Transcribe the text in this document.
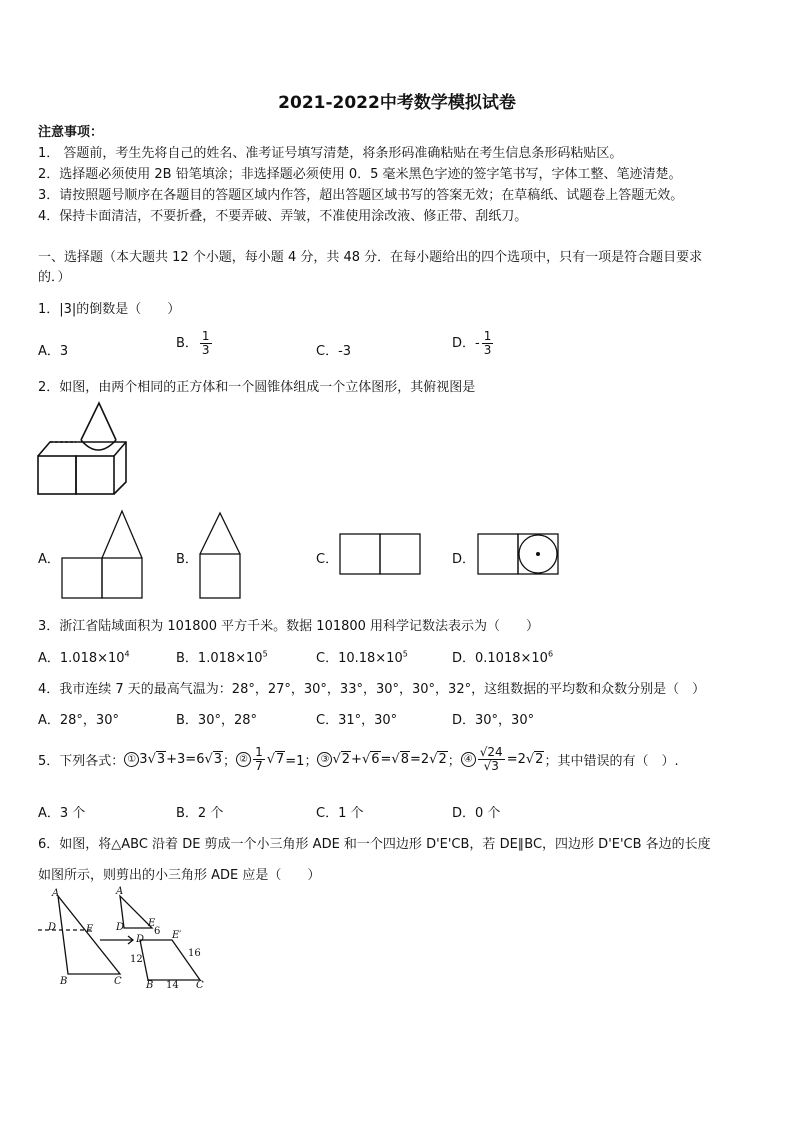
2021-2022中考数学模拟试卷
注意事项：
1． 答题前，考生先将自己的姓名、准考证号填写清楚，将条形码准确粘贴在考生信息条形码粘贴区。
2．选择题必须使用 2B 铅笔填涂；非选择题必须使用 0．5 毫米黑色字迹的签字笔书写，字体工整、笔迹清楚。
3．请按照题号顺序在各题目的答题区域内作答，超出答题区域书写的答案无效；在草稿纸、试题卷上答题无效。
4．保持卡面清洁，不要折叠，不要弄破、弄皱，不准使用涂改液、修正带、刮纸刀。
一、选择题（本大题共 12 个小题，每小题 4 分，共 48 分．在每小题给出的四个选项中，只有一项是符合题目要求
的．）
1．|3|的倒数是（　　）
A．3
B． $\frac{1}{3}$	C．-3
D．- $\frac{1}{3}$
2．如图，由两个相同的正方体和一个圆锥体组成一个立体图形，其俯视图是
A．	B．	C．	D．
3．浙江省陆域面积为 101800 平方千米。数据 101800 用科学记数法表示为（　　）
A．$1.018\times 10^4$	B．$1.018\times 10^5$	C．$10.18\times 10^5$	D．$0.1018\times 10^6$
4．我市连续 7 天的最高气温为：28°，27°，30°，33°，30°，30°，32°，这组数据的平均数和众数分别是（　）
A．28°，30°	B．30°，28°	C．31°，30°	D．30°，30°
5．下列各式： ① 3 √3 +3=6 √3 ； ② $\frac{1}{7} √7 =1$； ③ √2 + √6 = √8 =2 √2 ； ④ $\frac{√24}{√3} =2$ √2 ；其中错误的有（　）.
A．3 个	B．2 个	C．1 个	D．0 个
6．如图，将△ABC 沿着 DE 剪成一个小三角形 ADE 和一个四边形 D'E'CB，若 DE∥BC，四边形 D'E'CB 各边的长度
如图所示，则剪出的小三角形 ADE 应是（　　）
A
D	E
B	C
A
D E
6
D	E′
12
16
B 14 C
